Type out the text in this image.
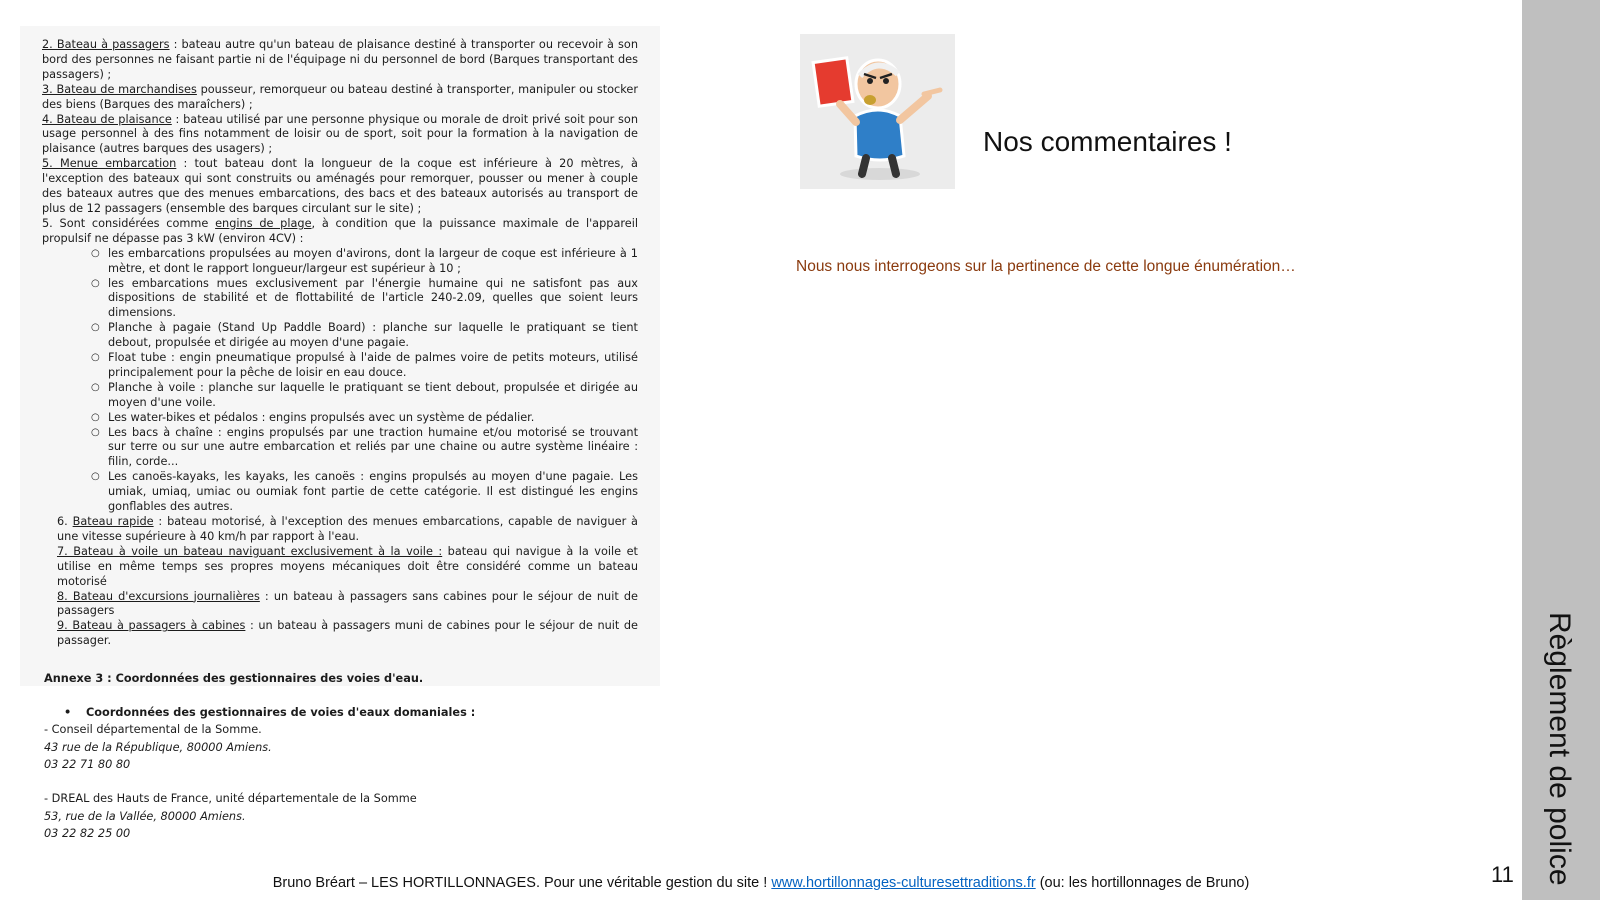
2. Bateau à passagers : bateau autre qu'un bateau de plaisance destiné à transporter ou recevoir à son bord des personnes ne faisant partie ni de l'équipage ni du personnel de bord (Barques transportant des passagers) ;

3. Bateau de marchandises pousseur, remorqueur ou bateau destiné à transporter, manipuler ou stocker des biens (Barques des maraîchers) ;

4. Bateau de plaisance : bateau utilisé par une personne physique ou morale de droit privé soit pour son usage personnel à des fins notamment de loisir ou de sport, soit pour la formation à la navigation de plaisance (autres barques des usagers) ;

5. Menue embarcation : tout bateau dont la longueur de la coque est inférieure à 20 mètres, à l'exception des bateaux qui sont construits ou aménagés pour remorquer, pousser ou mener à couple des bateaux autres que des menues embarcations, des bacs et des bateaux autorisés au transport de plus de 12 passagers (ensemble des barques circulant sur le site) ;

5. Sont considérées comme engins de plage, à condition que la puissance maximale de l'appareil propulsif ne dépasse pas 3 kW (environ 4CV) :

○ les embarcations propulsées au moyen d'avirons, dont la largeur de coque est inférieure à 1 mètre, et dont le rapport longueur/largeur est supérieur à 10 ;
○ les embarcations mues exclusivement par l'énergie humaine qui ne satisfont pas aux dispositions de stabilité et de flottabilité de l'article 240-2.09, quelles que soient leurs dimensions.
○ Planche à pagaie (Stand Up Paddle Board) : planche sur laquelle le pratiquant se tient debout, propulsée et dirigée au moyen d'une pagaie.
○ Float tube : engin pneumatique propulsé à l'aide de palmes voire de petits moteurs, utilisé principalement pour la pêche de loisir en eau douce.
○ Planche à voile : planche sur laquelle le pratiquant se tient debout, propulsée et dirigée au moyen d'une voile.
○ Les water-bikes et pédalos : engins propulsés avec un système de pédalier.
○ Les bacs à chaîne : engins propulsés par une traction humaine et/ou motorisé se trouvant sur terre ou sur une autre embarcation et reliés par une chaine ou autre système linéaire : filin, corde...
○ Les canoës-kayaks, les kayaks, les canoës : engins propulsés au moyen d'une pagaie. Les umiak, umiaq, umiac ou oumiak font partie de cette catégorie. Il est distingué les engins gonflables des autres.

6. Bateau rapide : bateau motorisé, à l'exception des menues embarcations, capable de naviguer à une vitesse supérieure à 40 km/h par rapport à l'eau.

7. Bateau à voile un bateau naviguant exclusivement à la voile : bateau qui navigue à la voile et utilise en même temps ses propres moyens mécaniques doit être considéré comme un bateau motorisé

8. Bateau d'excursions journalières : un bateau à passagers sans cabines pour le séjour de nuit de passagers

9. Bateau à passagers à cabines : un bateau à passagers muni de cabines pour le séjour de nuit de passager.

Annexe 3 : Coordonnées des gestionnaires des voies d'eau.
• Coordonnées des gestionnaires de voies d'eaux domaniales :
- Conseil départemental de la Somme.
43 rue de la République, 80000 Amiens.
03 22 71 80 80
- DREAL des Hauts de France, unité départementale de la Somme
53, rue de la Vallée, 80000 Amiens.
03 22 82 25 00
Nos commentaires !
Nous nous interrogeons sur la pertinence de cette longue énumération…
Règlement de police
11
Bruno Bréart – LES HORTILLONNAGES. Pour une véritable gestion du site ! www.hortillonnages-culturesettraditions.fr (ou: les hortillonnages de Bruno)
